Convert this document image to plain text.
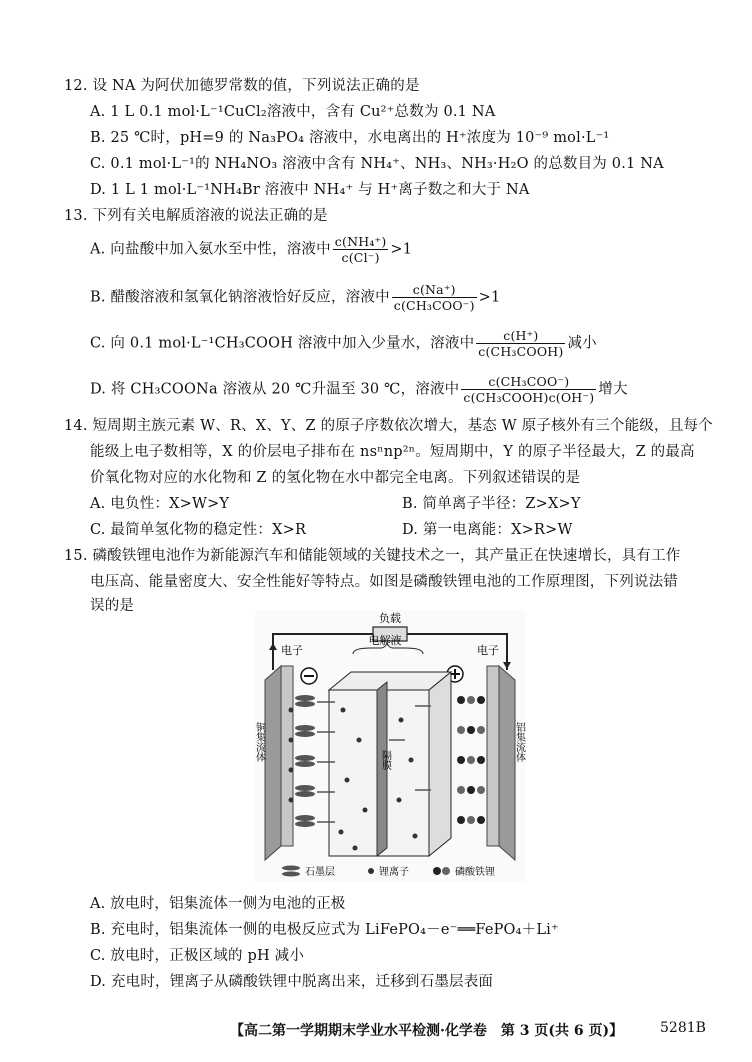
12. 设 NA 为阿伏加德罗常数的值，下列说法正确的是
A. 1 L 0.1 mol·L⁻¹CuCl₂溶液中，含有 Cu²⁺总数为 0.1 NA
B. 25 ℃时，pH=9 的 Na₃PO₄ 溶液中，水电离出的 H⁺浓度为 10⁻⁹ mol·L⁻¹
C. 0.1 mol·L⁻¹的 NH₄NO₃ 溶液中含有 NH₄⁺、NH₃、NH₃·H₂O 的总数目为 0.1 NA
D. 1 L 1 mol·L⁻¹NH₄Br 溶液中 NH₄⁺ 与 H⁺离子数之和大于 NA
13. 下列有关电解质溶液的说法正确的是
A. 向盐酸中加入氨水至中性，溶液中 $\frac{\text{c(NH₄⁺)}}{c(Cl^-)} >1$
B. 醋酸溶液和氢氧化钠溶液恰好反应，溶液中 $\frac{c(Na^+)}{\text{c(CH₃COO⁻)}} >1$
C. 向 0.1 mol·L⁻¹CH₃COOH 溶液中加入少量水，溶液中 $\frac{c(H^+)}{\text{c(CH₃COOH)}}$ 减小
D. 将 CH₃COONa 溶液从 20 ℃升温至 30 ℃，溶液中 $\frac{\text{c(CH₃COO⁻)}}{\text{c(CH₃COOH)c(OH⁻)}}$ 增大
14. 短周期主族元素 W、R、X、Y、Z 的原子序数依次增大，基态 W 原子核外有三个能级，且每个
能级上电子数相等，X 的价层电子排布在 nsⁿnp²ⁿ。短周期中，Y 的原子半径最大，Z 的最高
价氧化物对应的水化物和 Z 的氢化物在水中都完全电离。下列叙述错误的是
A. 电负性：X>W>Y	B. 简单离子半径：Z>X>Y
C. 最简单氢化物的稳定性：X>R	D. 第一电离能：X>R>W
15. 磷酸铁锂电池作为新能源汽车和储能领域的关键技术之一，其产量正在快速增长，具有工作
电压高、能量密度大、安全性能好等特点。如图是磷酸铁锂电池的工作原理图，下列说法错
误的是
负载
电子	电子
电解液
隔膜
铜集流体	铝集流体
石墨层	锂离子	磷酸铁锂
A. 放电时，铝集流体一侧为电池的正极
B. 充电时，铝集流体一侧的电极反应式为 LiFePO₄－e⁻══FePO₄＋Li⁺
C. 放电时，正极区域的 pH 减小
D. 充电时，锂离子从磷酸铁锂中脱离出来，迁移到石墨层表面
【高二第一学期期末学业水平检测·化学卷　第 3 页(共 6 页)】	5281B
